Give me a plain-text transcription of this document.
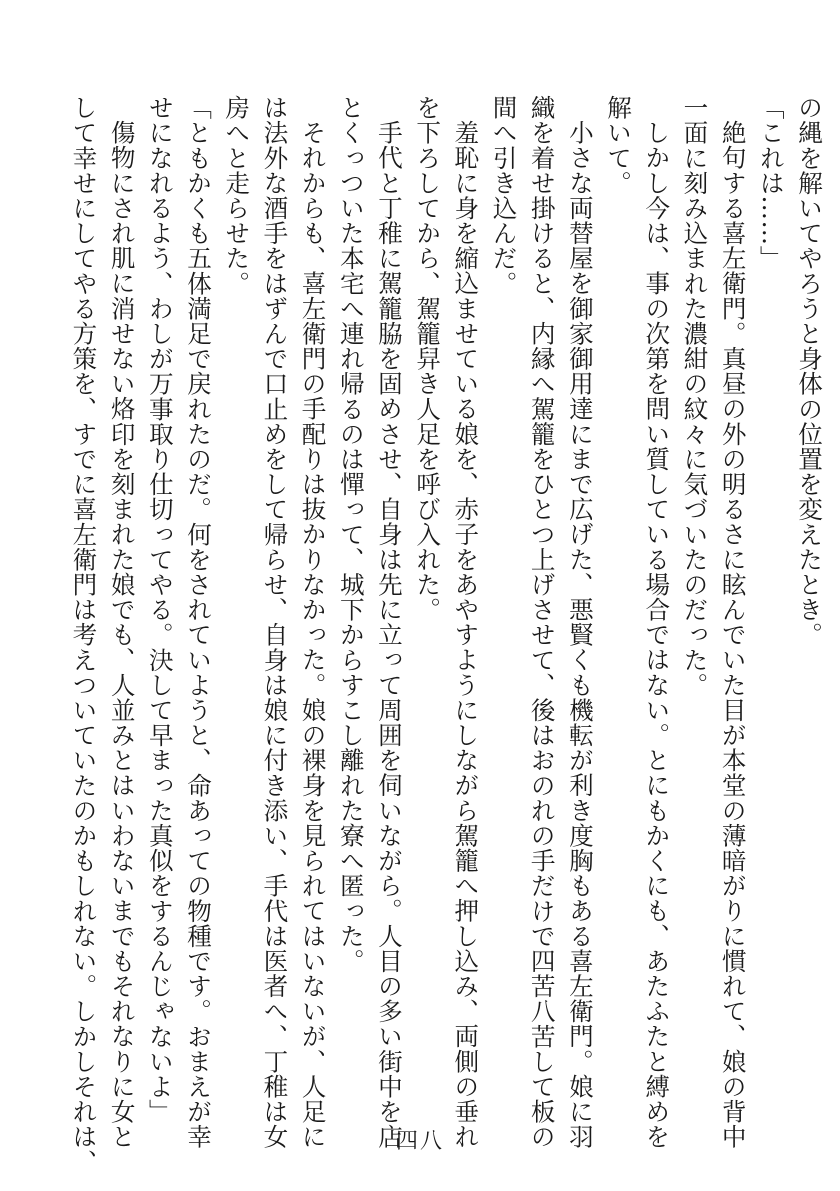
の縄を解いてやろうと身体の位置を変えたとき。
「これは……」
絶句する喜左衛門。真昼の外の明るさに眩んでいた目が本堂の薄暗がりに慣れて、娘の背中
一面に刻み込まれた濃紺の紋々に気づいたのだった。
しかし今は、事の次第を問い質している場合ではない。とにもかくにも、あたふたと縛めを
解いて。
小さな両替屋を御家御用達にまで広げた、悪賢くも機転が利き度胸もある喜左衛門。娘に羽
織を着せ掛けると、内縁へ駕籠をひとつ上げさせて、後はおのれの手だけで四苦八苦して板の
間へ引き込んだ。
羞恥に身を縮込ませている娘を、赤子をあやすようにしながら駕籠へ押し込み、両側の垂れ
を下ろしてから、駕籠舁き人足を呼び入れた。
手代と丁稚に駕籠脇を固めさせ、自身は先に立って周囲を伺いながら。人目の多い街中を店
とくっついた本宅へ連れ帰るのは憚って、城下からすこし離れた寮へ匿った。
それからも、喜左衛門の手配りは抜かりなかった。娘の裸身を見られてはいないが、人足に
は法外な酒手をはずんで口止めをして帰らせ、自身は娘に付き添い、手代は医者へ、丁稚は女
房へと走らせた。
「ともかくも五体満足で戻れたのだ。何をされていようと、命あっての物種です。おまえが幸
せになれるよう、わしが万事取り仕切ってやる。決して早まった真似をするんじゃないよ」
傷物にされ肌に消せない烙印を刻まれた娘でも、人並みとはいわないまでもそれなりに女と
して幸せにしてやる方策を、すでに喜左衛門は考えついていたのかもしれない。しかしそれは、	四八
